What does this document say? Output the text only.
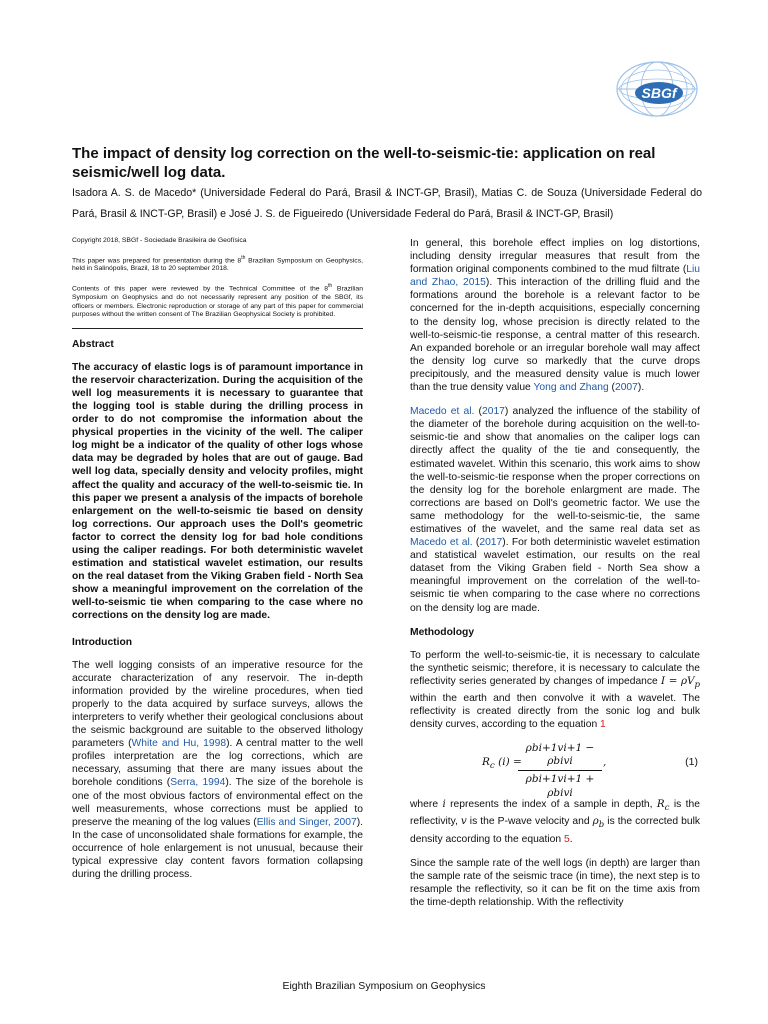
SBGf
The impact of density log correction on the well-to-seismic-tie: application on real seismic/well log data.

Isadora A. S. de Macedo* (Universidade Federal do Pará, Brasil & INCT-GP, Brasil), Matias C. de Souza (Universidade Federal do Pará, Brasil & INCT-GP, Brasil) e José J. S. de Figueiredo (Universidade Federal do Pará, Brasil & INCT-GP, Brasil)

Copyright 2018, SBGf - Sociedade Brasileira de Geofísica

This paper was prepared for presentation during the 8th Brazilian Symposium on Geophysics, held in Salinópolis, Brazil, 18 to 20 september 2018.

Contents of this paper were reviewed by the Technical Committee of the 8th Brazilian Symposium on Geophysics and do not necessarily represent any position of the SBGf, its officers or members. Electronic reproduction or storage of any part of this paper for commercial purposes without the written consent of The Brazilian Geophysical Society is prohibited.

Abstract

The accuracy of elastic logs is of paramount importance in the reservoir characterization. During the acquisition of the well log measurements it is necessary to guarantee that the logging tool is stable during the drilling process in order to do not compromise the information about the physical properties in the vicinity of the well. The caliper log might be a indicator of the quality of other logs whose data may be degraded by holes that are out of gauge. Bad well log data, specially density and velocity profiles, might affect the quality and accuracy of the well-to-seismic tie. In this paper we present a analysis of the impacts of borehole enlargement on the well-to-seismic tie based on density log corrections. Our approach uses the Doll's geometric factor to correct the density log for bad hole conditions using the caliper readings. For both deterministic wavelet estimation and statistical wavelet estimation, our results on the real dataset from the Viking Graben field - North Sea show a meaningful improvement on the correlation of the well-to-seismic tie when comparing to the case where no corrections on the density log are made.

Introduction

The well logging consists of an imperative resource for the accurate characterization of any reservoir. The in-depth information provided by the wireline procedures, when tied properly to the data acquired by surface surveys, allows the interpreters to verify whether their geological conclusions about the seismic background are suitable to the observed lithology parameters (White and Hu, 1998). A central matter to the well profiles interpretation are the log corrections, which are necessary, assuming that there are many issues about the borehole conditions (Serra, 1994). The size of the borehole is one of the most obvious factors of environmental effect on the well measurements, whose corrections must be applied to preserve the meaning of the log values (Ellis and Singer, 2007). In the case of unconsolidated shale formations for example, the occurrence of hole enlargement is not unusual, because their typical expressive clay content favors formation collapsing during the drilling process.

In general, this borehole effect implies on log distortions, including density irregular measures that result from the formation original components combined to the mud filtrate (Liu and Zhao, 2015). This interaction of the drilling fluid and the formations around the borehole is a relevant factor to be concerned for the in-depth acquisitions, especially concerning to the density log, whose precision is directly related to the well-to-seismic-tie response, a central matter of this research. An expanded borehole or an irregular borehole wall may affect the density log curve so markedly that the curve drops precipitously, and the measured density value is much lower than the true density value Yong and Zhang (2007).

Macedo et al. (2017) analyzed the influence of the stability of the diameter of the borehole during acquisition on the well-to-seismic-tie and show that anomalies on the caliper logs can directly affect the quality of the tie and consequently, the estimated wavelet. Within this scenario, this work aims to show the well-to-seismic-tie response when the proper corrections on the density log for the borehole enlargment are made. The corrections are based on Doll's geometric factor. We use the same methodology for the well-to-seismic-tie, the same estimatives of the wavelet, and the same real data set as Macedo et al. (2017). For both deterministic wavelet estimation and statistical wavelet estimation, our results on the real dataset from the Viking Graben field - North Sea show a meaningful improvement on the correlation of the well-to-seismic tie when comparing to the case where no corrections on the density log are made.

Methodology

To perform the well-to-seismic-tie, it is necessary to calculate the synthetic seismic; therefore, it is necessary to calculate the reflectivity series generated by changes of impedance $I = \rho V_p$ within the earth and then convolve it with a wavelet. The reflectivity is created directly from the sonic log and bulk density curves, according to the equation 1

$R_c$ (i) =
ρbi+1vi+1 − ρbivi
ρbi+1vi+1 + ρbivi
,	(1)

where i represents the index of a sample in depth, $R_c$ is the reflectivity, v is the P-wave velocity and $\rho_b$ is the corrected bulk density according to the equation 5.

Since the sample rate of the well logs (in depth) are larger than the sample rate of the seismic trace (in time), the next step is to resample the reflectivity, so it can be fit on the time axis from the time-depth relationship. With the reflectivity

Eighth Brazilian Symposium on Geophysics
